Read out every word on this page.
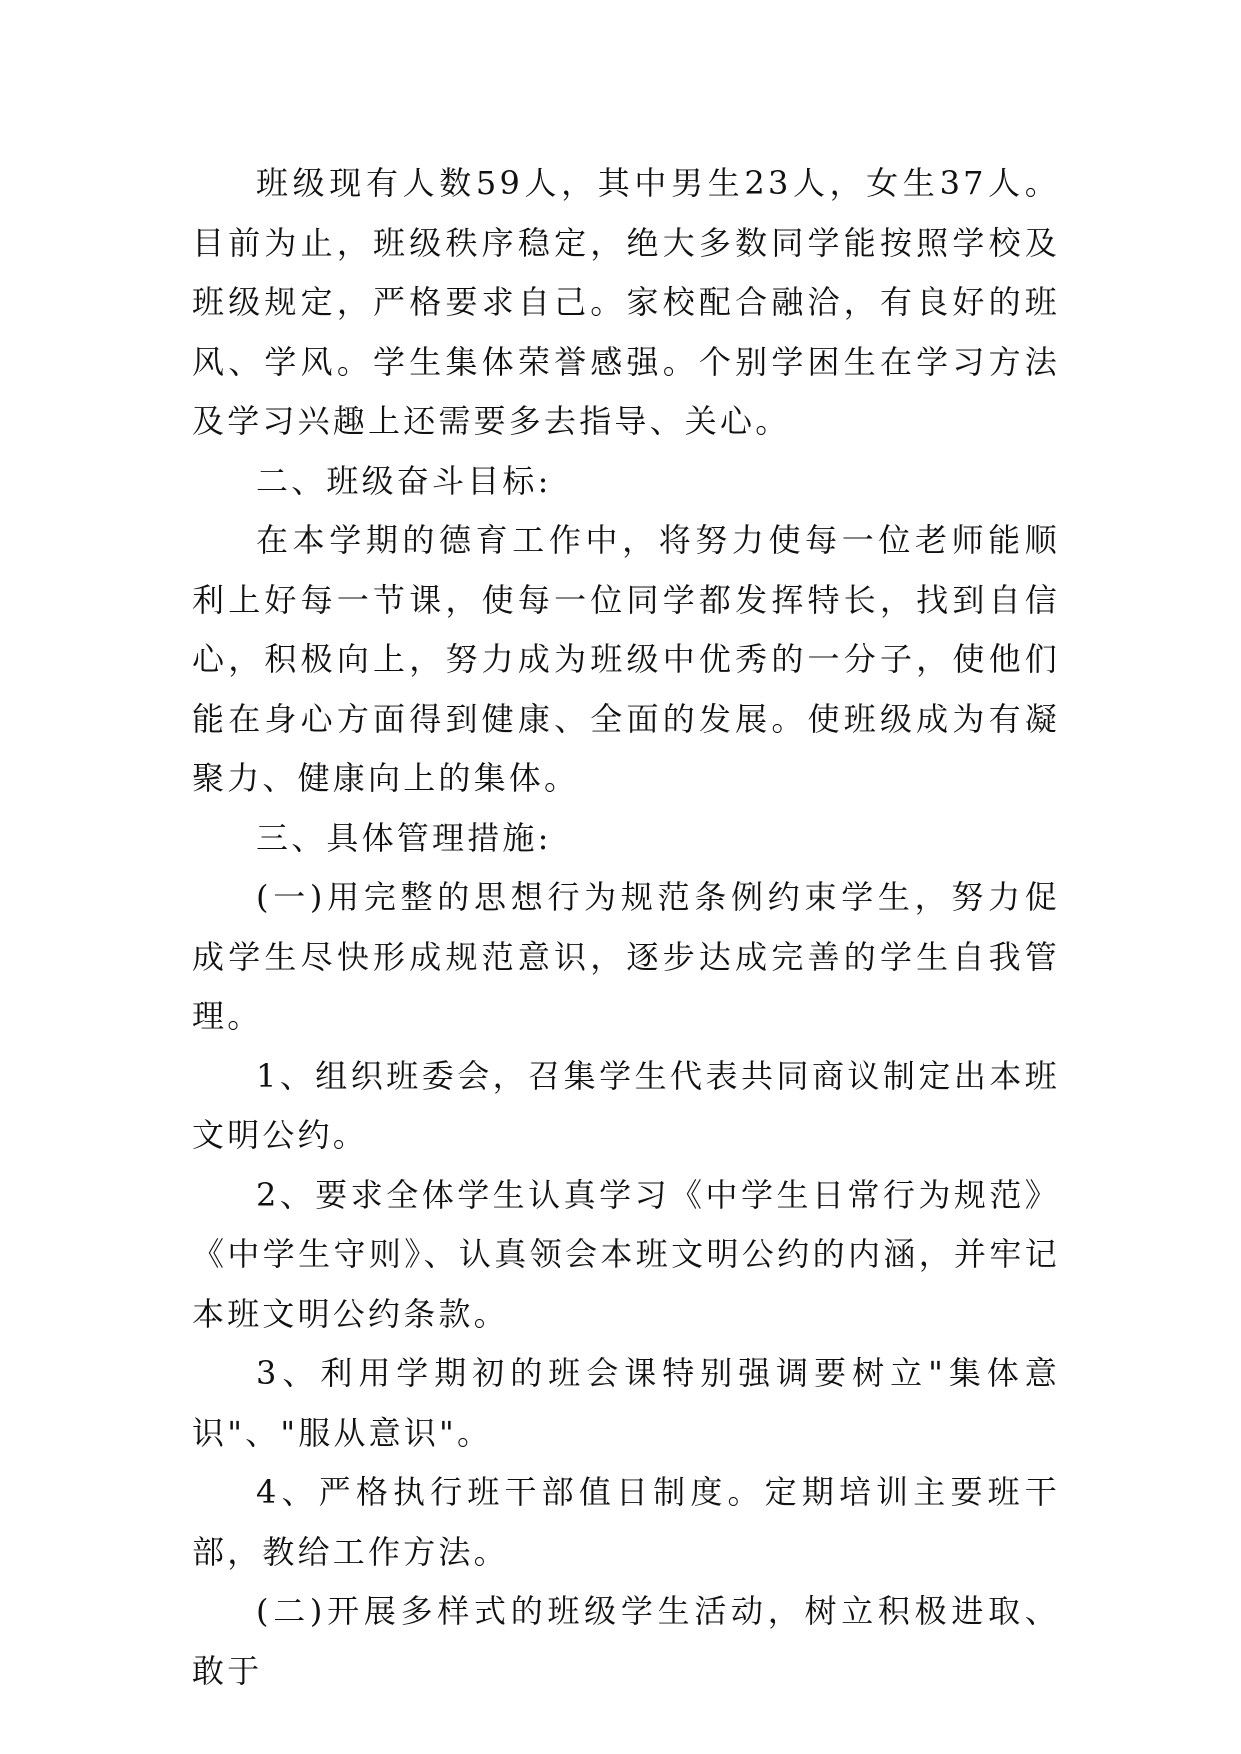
班级现有人数59人，其中男生23人，女生37人。目前为止，班级秩序稳定，绝大多数同学能按照学校及班级规定，严格要求自己。家校配合融洽，有良好的班风、学风。学生集体荣誉感强。个别学困生在学习方法及学习兴趣上还需要多去指导、关心。

二、班级奋斗目标:

在本学期的德育工作中，将努力使每一位老师能顺利上好每一节课，使每一位同学都发挥特长，找到自信心，积极向上，努力成为班级中优秀的一分子，使他们能在身心方面得到健康、全面的发展。使班级成为有凝聚力、健康向上的集体。

三、具体管理措施:

(一)用完整的思想行为规范条例约束学生，努力促成学生尽快形成规范意识，逐步达成完善的学生自我管理。

1、组织班委会，召集学生代表共同商议制定出本班文明公约。

2、要求全体学生认真学习《中学生日常行为规范》《中学生守则》、认真领会本班文明公约的内涵，并牢记本班文明公约条款。

3、利用学期初的班会课特别强调要树立"集体意识"、"服从意识"。

4、严格执行班干部值日制度。定期培训主要班干部，教给工作方法。

(二)开展多样式的班级学生活动，树立积极进取、敢于
